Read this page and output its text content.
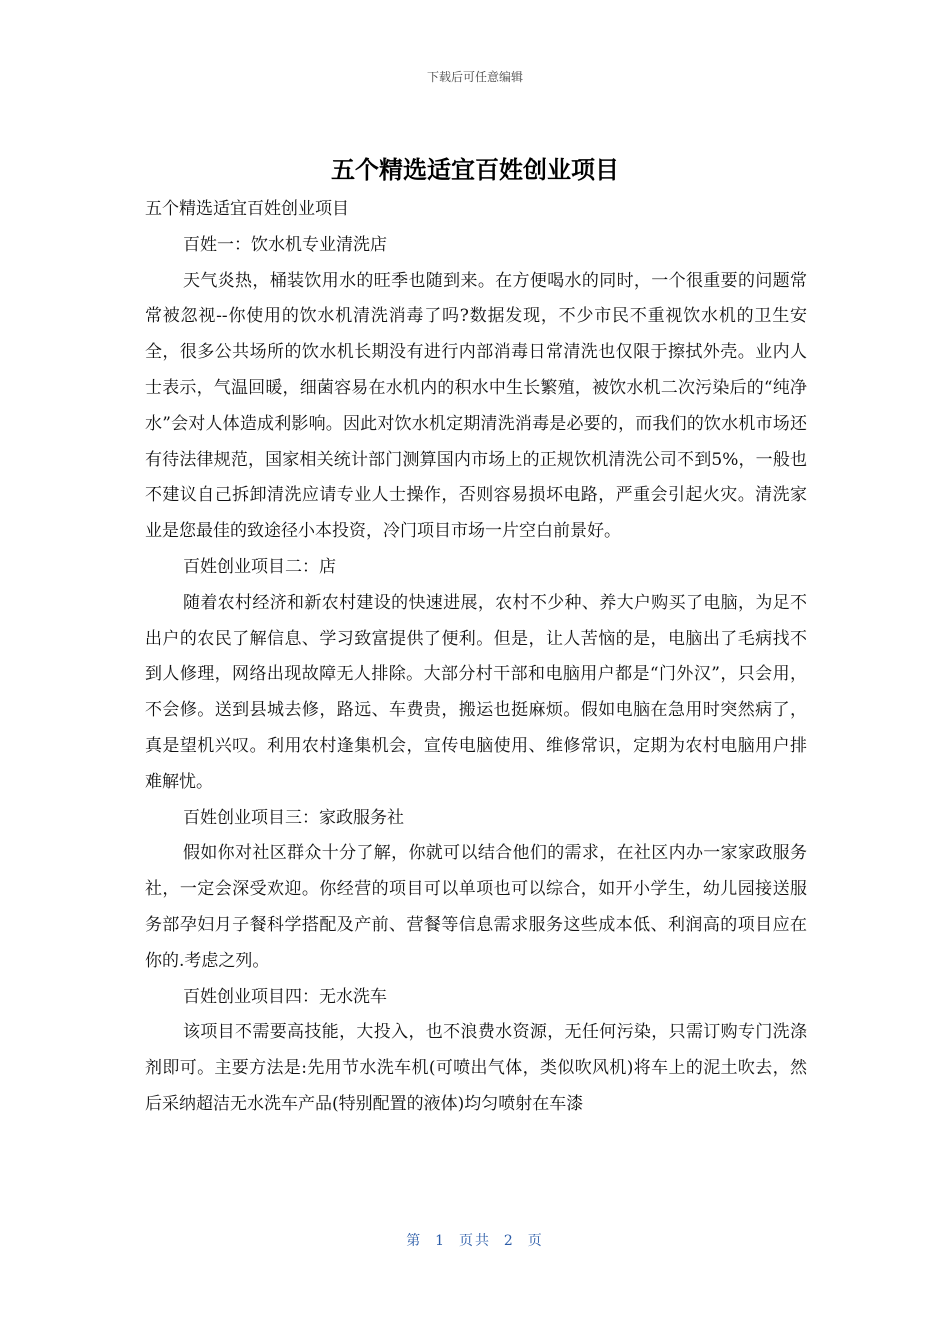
下载后可任意编辑
五个精选适宜百姓创业项目

五个精选适宜百姓创业项目

百姓一：饮水机专业清洗店

天气炎热，桶装饮用水的旺季也随到来。在方便喝水的同时，一个很重要的问题常常被忽视--你使用的饮水机清洗消毒了吗?数据发现，不少市民不重视饮水机的卫生安全，很多公共场所的饮水机长期没有进行内部消毒日常清洗也仅限于擦拭外壳。业内人士表示，气温回暖，细菌容易在水机内的积水中生长繁殖，被饮水机二次污染后的“纯净水”会对人体造成利影响。因此对饮水机定期清洗消毒是必要的，而我们的饮水机市场还有待法律规范，国家相关统计部门测算国内市场上的正规饮机清洗公司不到5%，一般也不建议自己拆卸清洗应请专业人士操作，否则容易损坏电路，严重会引起火灾。清洗家业是您最佳的致途径小本投资，冷门项目市场一片空白前景好。

百姓创业项目二：店

随着农村经济和新农村建设的快速进展，农村不少种、养大户购买了电脑，为足不出户的农民了解信息、学习致富提供了便利。但是，让人苦恼的是，电脑出了毛病找不到人修理，网络出现故障无人排除。大部分村干部和电脑用户都是“门外汉”，只会用，不会修。送到县城去修，路远、车费贵，搬运也挺麻烦。假如电脑在急用时突然病了，真是望机兴叹。利用农村逢集机会，宣传电脑使用、维修常识，定期为农村电脑用户排难解忧。

百姓创业项目三：家政服务社

假如你对社区群众十分了解，你就可以结合他们的需求，在社区内办一家家政服务社，一定会深受欢迎。你经营的项目可以单项也可以综合，如开小学生，幼儿园接送服务部孕妇月子餐科学搭配及产前、营餐等信息需求服务这些成本低、利润高的项目应在你的.考虑之列。

百姓创业项目四：无水洗车

该项目不需要高技能，大投入，也不浪费水资源，无任何污染，只需订购专门洗涤剂即可。主要方法是:先用节水洗车机(可喷出气体，类似吹风机)将车上的泥土吹去，然后采纳超洁无水洗车产品(特别配置的液体)均匀喷射在车漆

第  1  页共  2  页
